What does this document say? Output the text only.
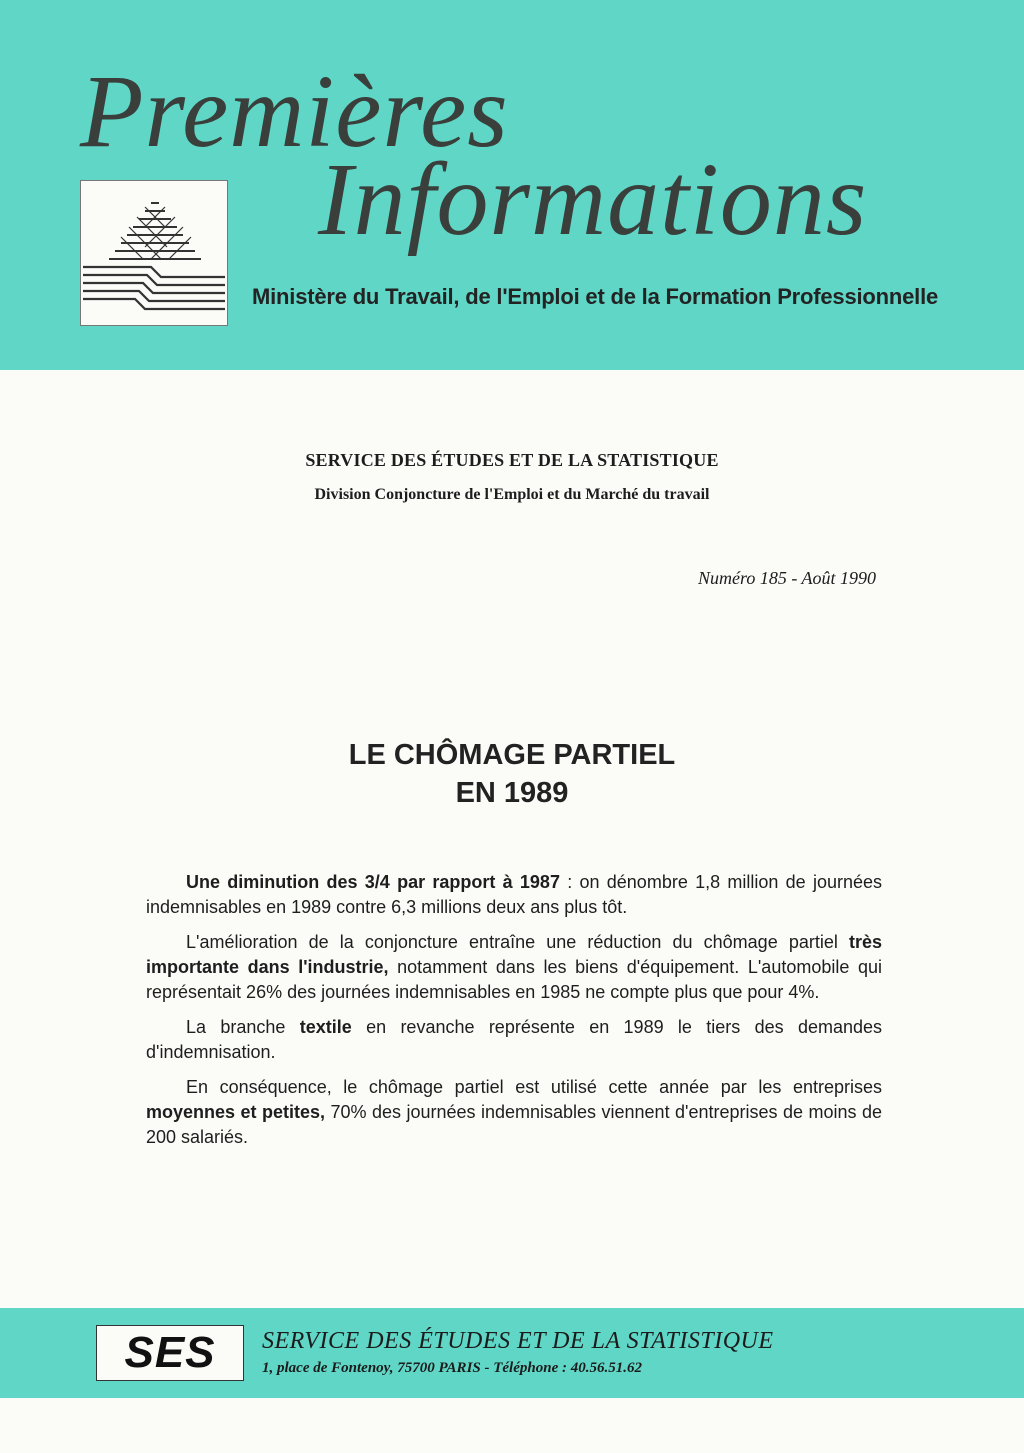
Premières
Informations
Ministère du Travail, de l'Emploi et de la Formation Professionnelle
SERVICE DES ÉTUDES ET DE LA STATISTIQUE
Division Conjoncture de l'Emploi et du Marché du travail
Numéro 185 - Août 1990
LE CHÔMAGE PARTIEL
EN 1989

Une diminution des 3/4 par rapport à 1987 : on dénombre 1,8 million de journées indemnisables en 1989 contre 6,3 millions deux ans plus tôt.

L'amélioration de la conjoncture entraîne une réduction du chômage partiel très importante dans l'industrie, notamment dans les biens d'équipement. L'automobile qui représentait 26% des journées indemnisables en 1985 ne compte plus que pour 4%.

La branche textile en revanche représente en 1989 le tiers des demandes d'indemnisation.

En conséquence, le chômage partiel est utilisé cette année par les entreprises moyennes et petites, 70% des journées indemnisables viennent d'entreprises de moins de 200 salariés.

SES	SERVICE DES ÉTUDES ET DE LA STATISTIQUE
1, place de Fontenoy, 75700 PARIS - Téléphone : 40.56.51.62
